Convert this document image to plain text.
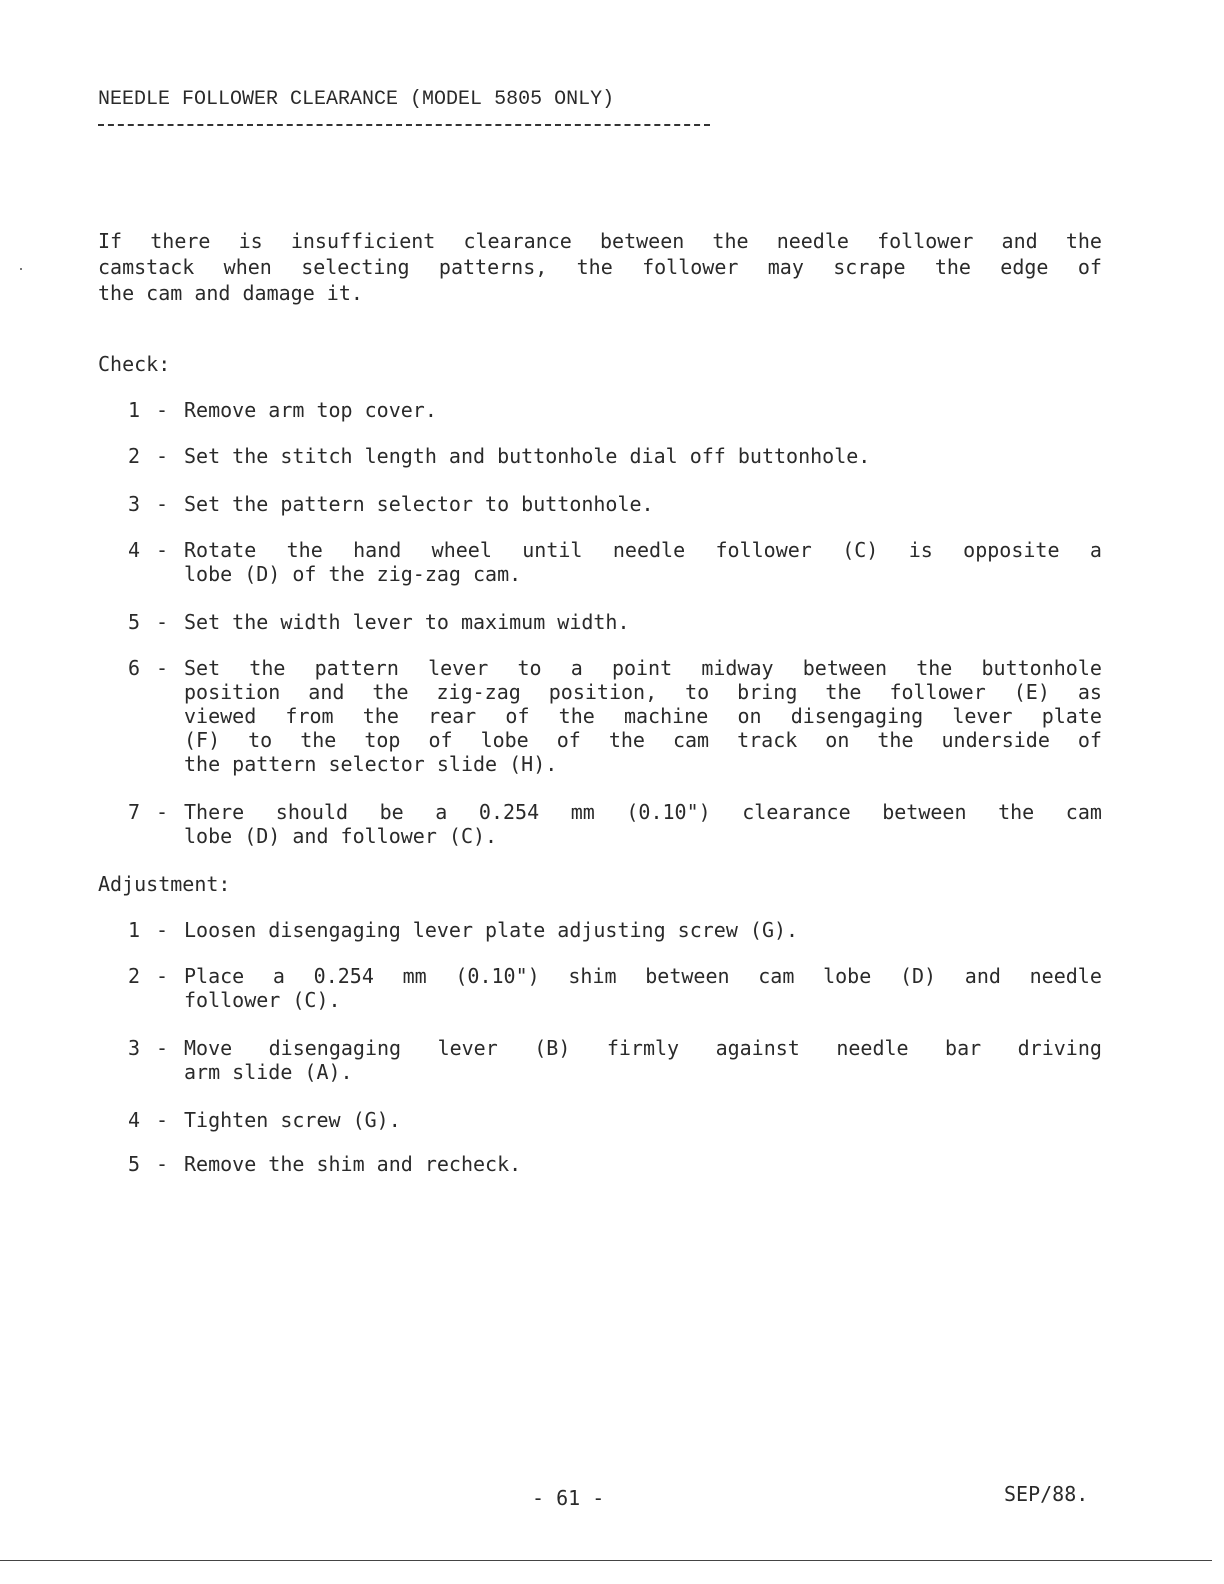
NEEDLE FOLLOWER CLEARANCE (MODEL 5805 ONLY)
If there is insufficient clearance between the needle follower and the
camstack when selecting patterns, the follower may scrape the edge of
the cam and damage it.
Check:
1 - Remove arm top cover.
2 - Set the stitch length and buttonhole dial off buttonhole.
3 - Set the pattern selector to buttonhole.
4 - Rotate the hand wheel until needle follower (C) is opposite a
lobe (D) of the zig-zag cam.
5 - Set the width lever to maximum width.
6 - Set the pattern lever to a point midway between the buttonhole
position and the zig-zag position, to bring the follower (E) as
viewed from the rear of the machine on disengaging lever plate
(F) to the top of lobe of the cam track on the underside of
the pattern selector slide (H).
7 - There should be a 0.254 mm (0.10") clearance between the cam
lobe (D) and follower (C).
Adjustment:
1 - Loosen disengaging lever plate adjusting screw (G).
2 - Place a 0.254 mm (0.10") shim between cam lobe (D) and needle
follower (C).
3 - Move disengaging lever (B) firmly against needle bar driving
arm slide (A).
4 - Tighten screw (G).
5 - Remove the shim and recheck.
- 61 -	SEP/88.
